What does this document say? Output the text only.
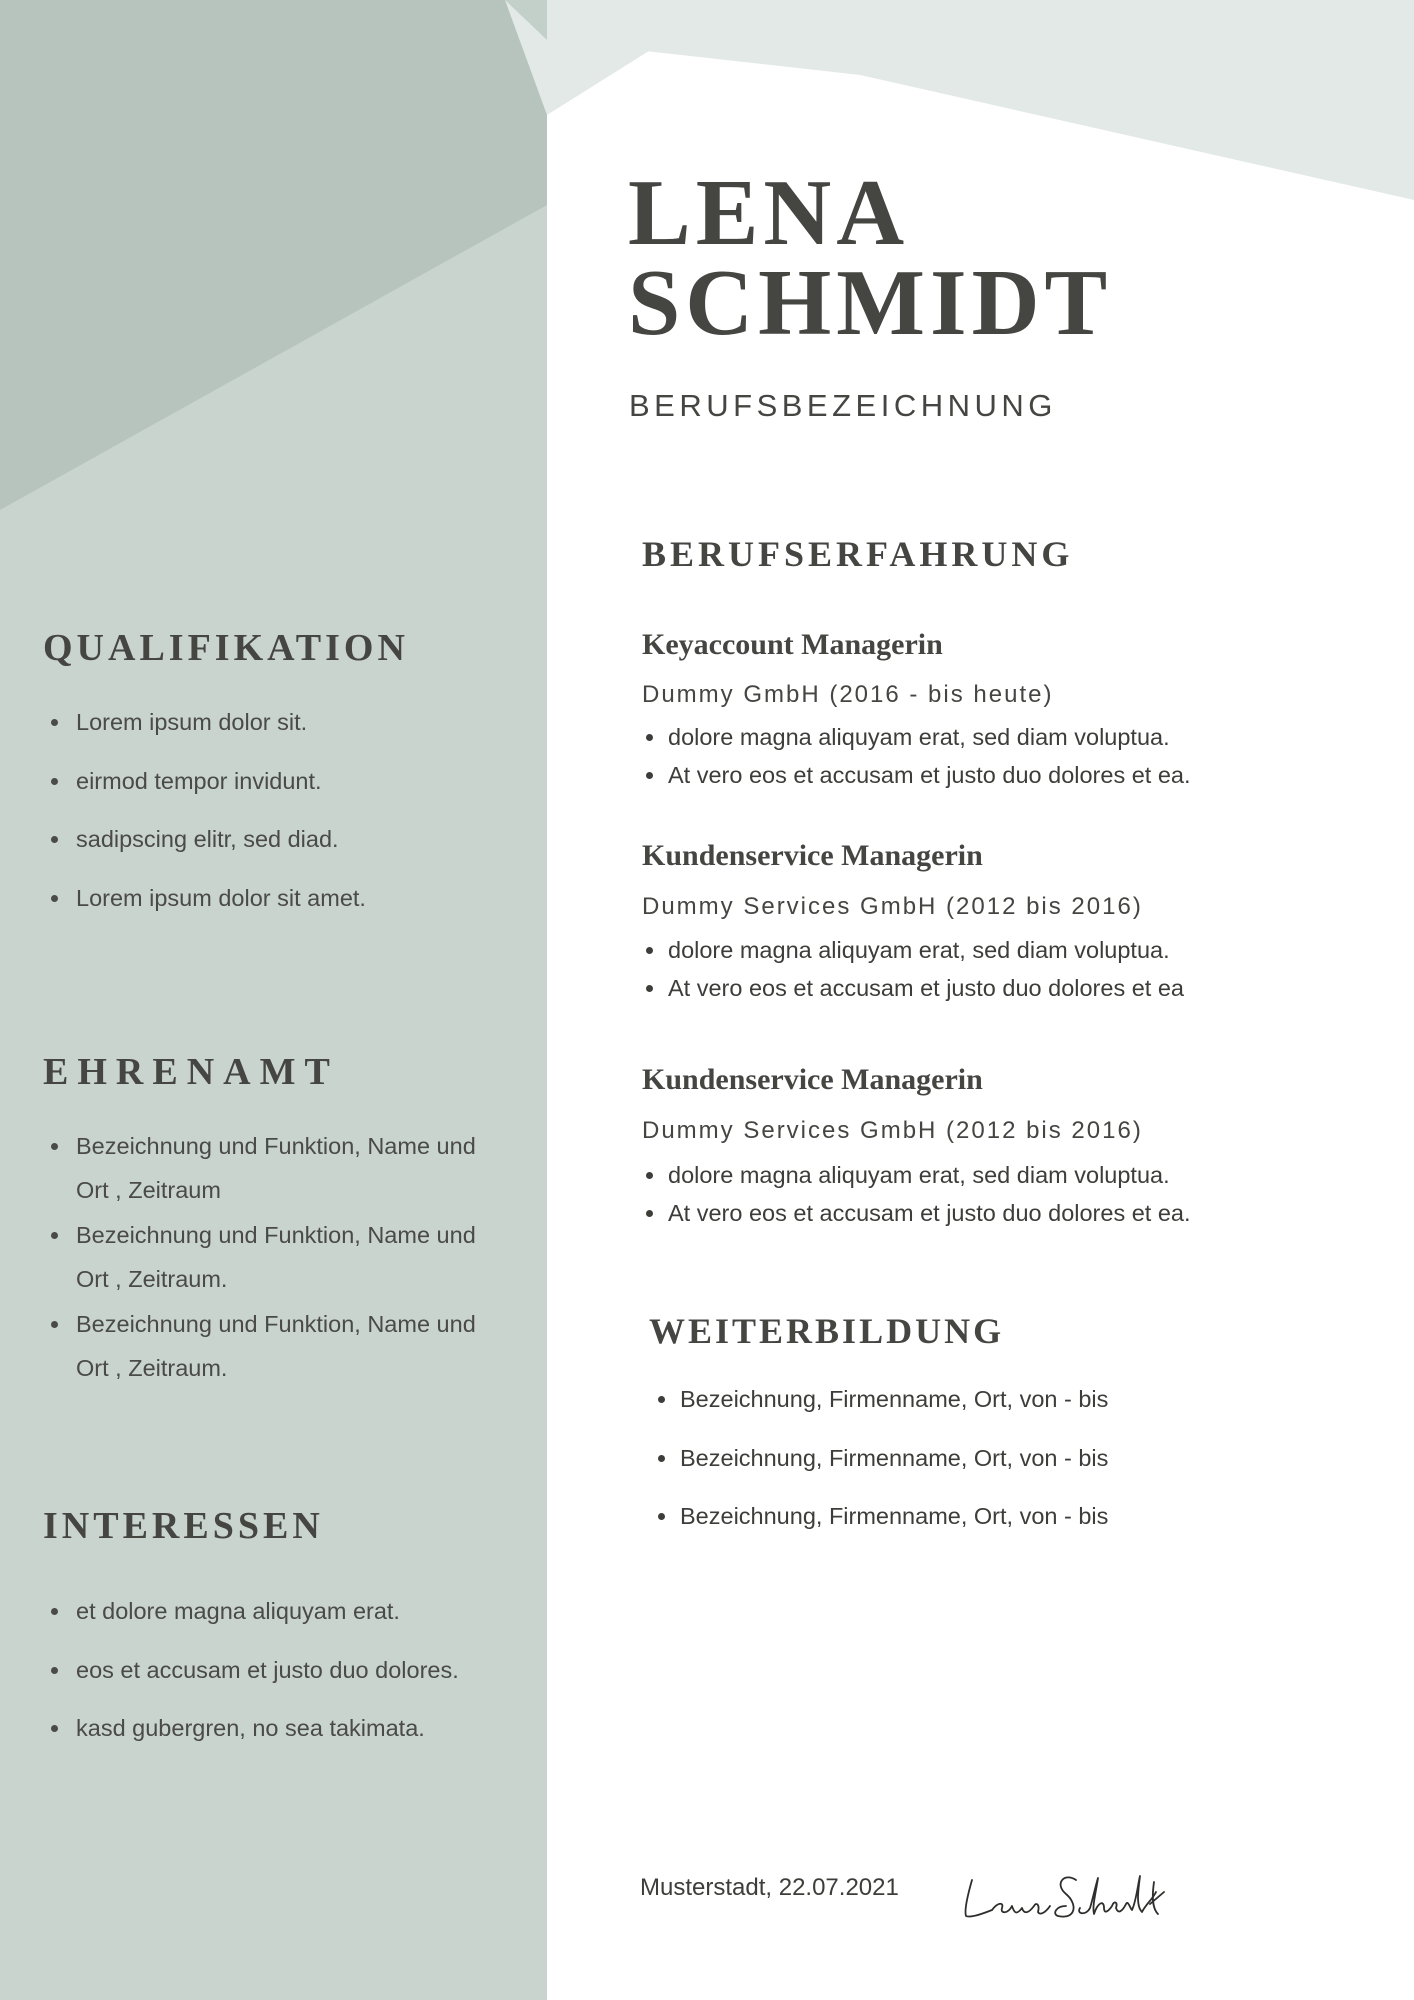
LENA
SCHMIDT

BERUFSBEZEICHNUNG

QUALIFIKATION
Lorem ipsum dolor sit.
eirmod tempor invidunt.
sadipscing elitr, sed diad.
Lorem ipsum dolor sit amet.
EHRENAMT
Bezeichnung und Funktion, Name und Ort , Zeitraum
Bezeichnung und Funktion, Name und Ort , Zeitraum.
Bezeichnung und Funktion, Name und Ort , Zeitraum.
INTERESSEN
et dolore magna aliquyam erat.
eos et accusam et justo duo dolores.
kasd gubergren, no sea takimata.
BERUFSERFAHRUNG

Keyaccount Managerin

Dummy GmbH (2016 - bis heute)

dolore magna aliquyam erat, sed diam voluptua.
At vero eos et accusam et justo duo dolores et ea.

Kundenservice Managerin

Dummy Services GmbH (2012 bis 2016)

dolore magna aliquyam erat, sed diam voluptua.
At vero eos et accusam et justo duo dolores et ea

Kundenservice Managerin

Dummy Services GmbH (2012 bis 2016)

dolore magna aliquyam erat, sed diam voluptua.
At vero eos et accusam et justo duo dolores et ea.
WEITERBILDUNG
Bezeichnung, Firmenname, Ort, von - bis
Bezeichnung, Firmenname, Ort, von - bis
Bezeichnung, Firmenname, Ort, von - bis

Musterstadt, 22.07.2021
